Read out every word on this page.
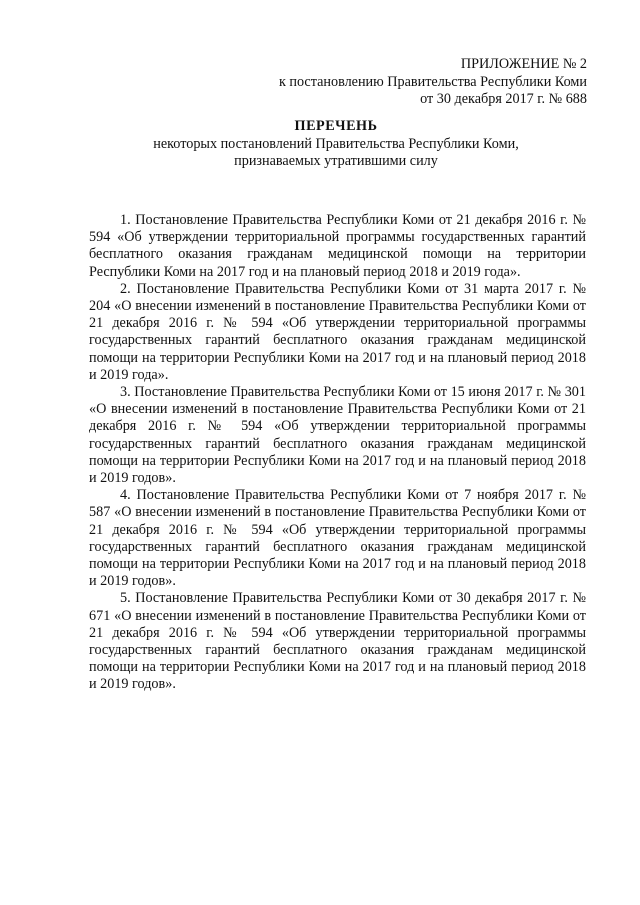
ПРИЛОЖЕНИЕ № 2
к постановлению Правительства Республики Коми
от 30 декабря 2017 г. № 688
ПЕРЕЧЕНЬ
некоторых постановлений Правительства Республики Коми,
признаваемых утратившими силу

1. Постановление Правительства Республики Коми от 21 декабря 2016 г. № 594 «Об утверждении территориальной программы государственных гарантий бесплатного оказания гражданам медицинской помощи на территории Республики Коми на 2017 год и на плановый период 2018 и 2019 года».

2. Постановление Правительства Республики Коми от 31 марта 2017 г. № 204 «О внесении изменений в постановление Правительства Республики Коми от 21 декабря 2016 г. № 594 «Об утверждении территориальной программы государственных гарантий бесплатного оказания гражданам медицинской помощи на территории Республики Коми на 2017 год и на плановый период 2018 и 2019 года».

3. Постановление Правительства Республики Коми от 15 июня 2017 г. № 301 «О внесении изменений в постановление Правительства Республики Коми от 21 декабря 2016 г. № 594 «Об утверждении территориальной программы государственных гарантий бесплатного оказания гражданам медицинской помощи на территории Республики Коми на 2017 год и на плановый период 2018 и 2019 годов».

4. Постановление Правительства Республики Коми от 7 ноября 2017 г. № 587 «О внесении изменений в постановление Правительства Республики Коми от 21 декабря 2016 г. № 594 «Об утверждении территориальной программы государственных гарантий бесплатного оказания гражданам медицинской помощи на территории Республики Коми на 2017 год и на плановый период 2018 и 2019 годов».

5. Постановление Правительства Республики Коми от 30 декабря 2017 г. № 671 «О внесении изменений в постановление Правительства Республики Коми от 21 декабря 2016 г. № 594 «Об утверждении территориальной программы государственных гарантий бесплатного оказания гражданам медицинской помощи на территории Республики Коми на 2017 год и на плановый период 2018 и 2019 годов».
